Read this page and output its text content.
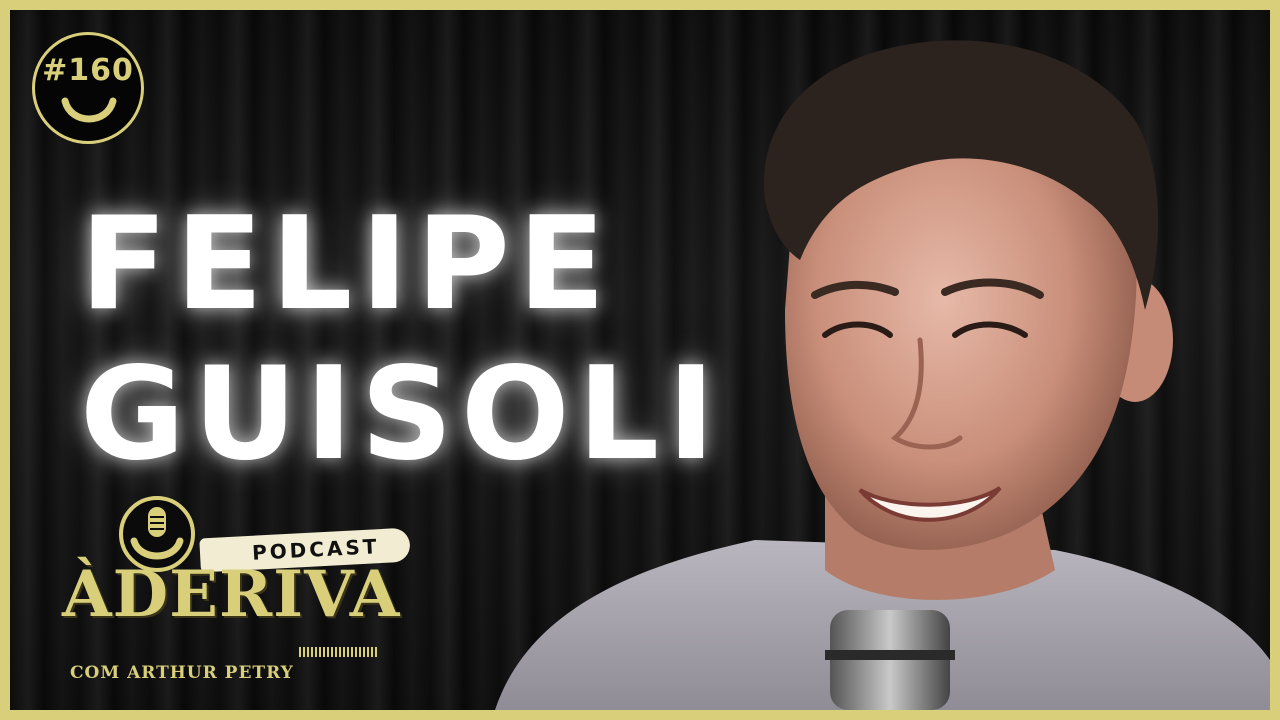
#160
FELIPE
GUISOLI
PODCAST
ÀDERIVA
COM ARTHUR PETRY
